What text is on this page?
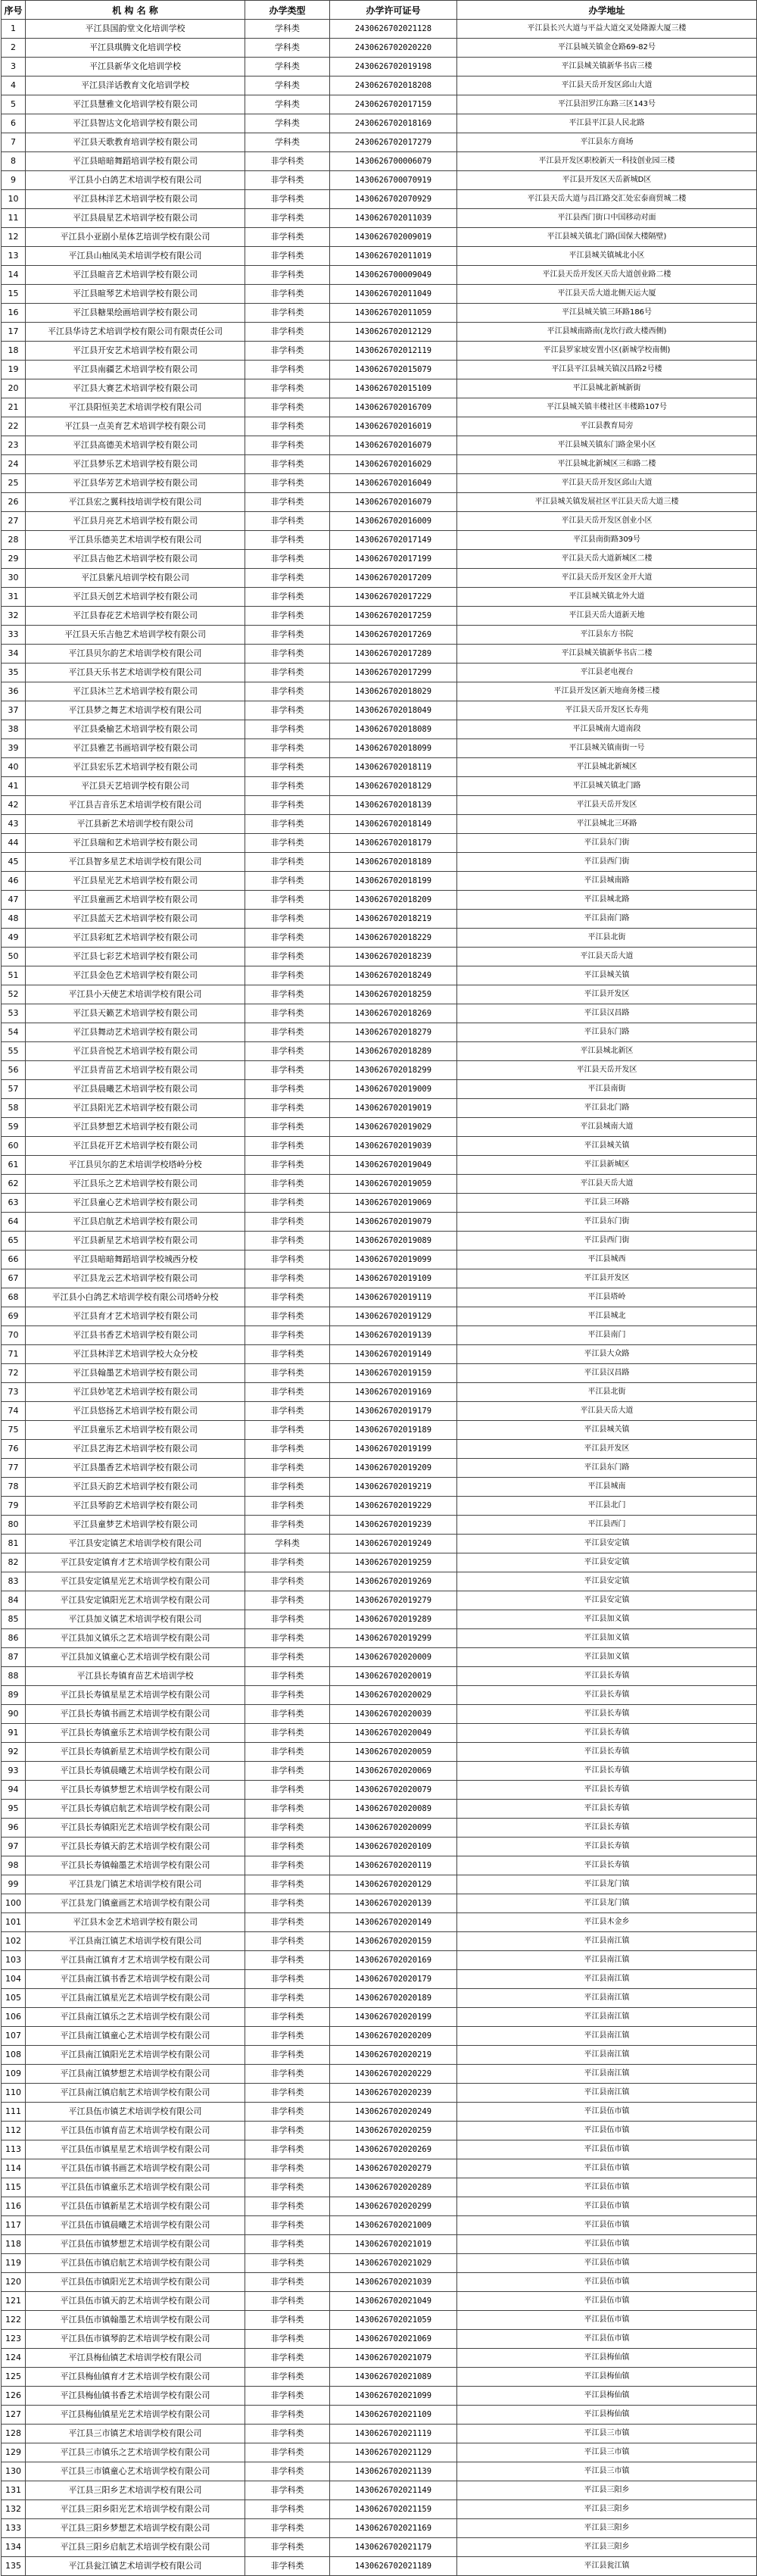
序号	机 构 名 称	办学类型	办学许可证号	办学地址
1	平江县国韵堂文化培训学校	学科类	2430626702021128	平江县长兴大道与平益大道交叉处隆源大厦三楼
2	平江县琪腾文化培训学校	学科类	2430626702020220	平江县城关镇金仓路69-82号
3	平江县新华文化培训学校	学科类	2430626702019198	平江县城关镇新华书店三楼
4	平江县洋话教育文化培训学校	学科类	2430626702018208	平江县天岳开发区邱山大道
5	平江县慧雅文化培训学校有限公司	学科类	2430626702017159	平江县汨罗江东路三区143号
6	平江县智达文化培训学校有限公司	学科类	2430626702018169	平江县平江县人民北路
7	平江县天歌教育培训学校有限公司	学科类	2430626702017279	平江县东方商场
8	平江县暗暗舞蹈培训学校有限公司	非学科类	1430626700006079	平江县开发区职校新天一科技创业园三楼
9	平江县小白鸽艺术培训学校有限公司	非学科类	1430626700070919	平江县开发区天岳新城D区
10	平江县林洋艺术培训学校有限公司	非学科类	1430626702070929	平江县天岳大道与昌江路交汇处宏泰商贸城二楼
11	平江县晨星艺术培训学校有限公司	非学科类	1430626702011039	平江县西门街口中国移动对面
12	平江县小亚剧小星体艺培训学校有限公司	非学科类	1430626702009019	平江县城关镇北门路(国保大楼隔壁)
13	平江县山柚凤美术培训学校有限公司	非学科类	1430626702011019	平江县城关镇城北小区
14	平江县暄音艺术培训学校有限公司	非学科类	1430626700009049	平江县天岳开发区天岳大道创业路二楼
15	平江县暄琴艺术培训学校有限公司	非学科类	1430626702011049	平江县天岳大道北侧天运大厦
16	平江县糖果绘画培训学校有限公司	非学科类	1430626702011059	平江县城关镇三环路186号
17	平江县华诗艺术培训学校有限公司有限责任公司	非学科类	1430626702012129	平江县城南路南(龙坎行政大楼西侧)
18	平江县开安艺术培训学校有限公司	非学科类	1430626702012119	平江县罗家坡安置小区(新城学校南侧)
19	平江县南疆艺术培训学校有限公司	非学科类	1430626702015079	平江县平江县城关镇汉昌路2号楼
20	平江县大赛艺术培训学校有限公司	非学科类	1430626702015109	平江县城北新城新街
21	平江县阳恒美艺术培训学校有限公司	非学科类	1430626702016709	平江县城关镇丰楼社区丰楼路107号
22	平江县一点美育艺术培训学校有限公司	非学科类	1430626702016019	平江县教育局旁
23	平江县高德美术培训学校有限公司	非学科类	1430626702016079	平江县城关镇东门路金果小区
24	平江县梦乐艺术培训学校有限公司	非学科类	1430626702016029	平江县城北新城区三和路二楼
25	平江县华芳艺术培训学校有限公司	非学科类	1430626702016049	平江县天岳开发区邱山大道
26	平江县宏之翼科技培训学校有限公司	非学科类	1430626702016079	平江县城关镇发展社区平江县天岳大道三楼
27	平江县月亮艺术培训学校有限公司	非学科类	1430626702016009	平江县天岳开发区创业小区
28	平江县乐德美艺术培训学校有限公司	非学科类	1430626702017149	平江县南街路309号
29	平江县吉他艺术培训学校有限公司	非学科类	1430626702017199	平江县天岳大道新城区二楼
30	平江县紫凡培训学校有限公司	非学科类	1430626702017209	平江县天岳开发区金开大道
31	平江县天创艺术培训学校有限公司	非学科类	1430626702017229	平江县城关镇北外大道
32	平江县春花艺术培训学校有限公司	非学科类	1430626702017259	平江县天岳大道新天地
33	平江县天乐吉他艺术培训学校有限公司	非学科类	1430626702017269	平江县东方书院
34	平江县贝尔韵艺术培训学校有限公司	非学科类	1430626702017289	平江县城关镇新华书店二楼
35	平江县天乐书艺术培训学校有限公司	非学科类	1430626702017299	平江县老电视台
36	平江县沐兰艺术培训学校有限公司	非学科类	1430626702018029	平江县开发区新天地商务楼三楼
37	平江县梦之舞艺术培训学校有限公司	非学科类	1430626702018049	平江县天岳开发区长寿苑
38	平江县桑榆艺术培训学校有限公司	非学科类	1430626702018089	平江县城南大道南段
39	平江县雅艺书画培训学校有限公司	非学科类	1430626702018099	平江县城关镇南街一号
40	平江县宏乐艺术培训学校有限公司	非学科类	1430626702018119	平江县城北新城区
41	平江县天艺培训学校有限公司	非学科类	1430626702018129	平江县城关镇北门路
42	平江县吉音乐艺术培训学校有限公司	非学科类	1430626702018139	平江县天岳开发区
43	平江县新艺术培训学校有限公司	非学科类	1430626702018149	平江县城北三环路
44	平江县瑞和艺术培训学校有限公司	非学科类	1430626702018179	平江县东门街
45	平江县智多星艺术培训学校有限公司	非学科类	1430626702018189	平江县西门街
46	平江县星光艺术培训学校有限公司	非学科类	1430626702018199	平江县城南路
47	平江县童画艺术培训学校有限公司	非学科类	1430626702018209	平江县城北路
48	平江县蓝天艺术培训学校有限公司	非学科类	1430626702018219	平江县南门路
49	平江县彩虹艺术培训学校有限公司	非学科类	1430626702018229	平江县北街
50	平江县七彩艺术培训学校有限公司	非学科类	1430626702018239	平江县天岳大道
51	平江县金色艺术培训学校有限公司	非学科类	1430626702018249	平江县城关镇
52	平江县小天使艺术培训学校有限公司	非学科类	1430626702018259	平江县开发区
53	平江县天籁艺术培训学校有限公司	非学科类	1430626702018269	平江县汉昌路
54	平江县舞动艺术培训学校有限公司	非学科类	1430626702018279	平江县东门路
55	平江县音悦艺术培训学校有限公司	非学科类	1430626702018289	平江县城北新区
56	平江县青苗艺术培训学校有限公司	非学科类	1430626702018299	平江县天岳开发区
57	平江县晨曦艺术培训学校有限公司	非学科类	1430626702019009	平江县南街
58	平江县阳光艺术培训学校有限公司	非学科类	1430626702019019	平江县北门路
59	平江县梦想艺术培训学校有限公司	非学科类	1430626702019029	平江县城南大道
60	平江县花开艺术培训学校有限公司	非学科类	1430626702019039	平江县城关镇
61	平江县贝尔韵艺术培训学校塔岭分校	非学科类	1430626702019049	平江县新城区
62	平江县乐之艺术培训学校有限公司	非学科类	1430626702019059	平江县天岳大道
63	平江县童心艺术培训学校有限公司	非学科类	1430626702019069	平江县三环路
64	平江县启航艺术培训学校有限公司	非学科类	1430626702019079	平江县东门街
65	平江县新星艺术培训学校有限公司	非学科类	1430626702019089	平江县西门街
66	平江县暗暗舞蹈培训学校城西分校	非学科类	1430626702019099	平江县城西
67	平江县龙云艺术培训学校有限公司	非学科类	1430626702019109	平江县开发区
68	平江县小白鸽艺术培训学校有限公司塔岭分校	非学科类	1430626702019119	平江县塔岭
69	平江县育才艺术培训学校有限公司	非学科类	1430626702019129	平江县城北
70	平江县书香艺术培训学校有限公司	非学科类	1430626702019139	平江县南门
71	平江县林洋艺术培训学校大众分校	非学科类	1430626702019149	平江县大众路
72	平江县翰墨艺术培训学校有限公司	非学科类	1430626702019159	平江县汉昌路
73	平江县妙笔艺术培训学校有限公司	非学科类	1430626702019169	平江县北街
74	平江县悠扬艺术培训学校有限公司	非学科类	1430626702019179	平江县天岳大道
75	平江县童乐艺术培训学校有限公司	非学科类	1430626702019189	平江县城关镇
76	平江县艺海艺术培训学校有限公司	非学科类	1430626702019199	平江县开发区
77	平江县墨香艺术培训学校有限公司	非学科类	1430626702019209	平江县东门路
78	平江县天韵艺术培训学校有限公司	非学科类	1430626702019219	平江县城南
79	平江县琴韵艺术培训学校有限公司	非学科类	1430626702019229	平江县北门
80	平江县童梦艺术培训学校有限公司	非学科类	1430626702019239	平江县西门
81	平江县安定镇艺术培训学校有限公司	学科类	1430626702019249	平江县安定镇
82	平江县安定镇育才艺术培训学校有限公司	非学科类	1430626702019259	平江县安定镇
83	平江县安定镇星光艺术培训学校有限公司	非学科类	1430626702019269	平江县安定镇
84	平江县安定镇阳光艺术培训学校有限公司	非学科类	1430626702019279	平江县安定镇
85	平江县加义镇艺术培训学校有限公司	非学科类	1430626702019289	平江县加义镇
86	平江县加义镇乐之艺术培训学校有限公司	非学科类	1430626702019299	平江县加义镇
87	平江县加义镇童心艺术培训学校有限公司	非学科类	1430626702020009	平江县加义镇
88	平江县长寿镇育苗艺术培训学校	非学科类	1430626702020019	平江县长寿镇
89	平江县长寿镇星星艺术培训学校有限公司	非学科类	1430626702020029	平江县长寿镇
90	平江县长寿镇书画艺术培训学校有限公司	非学科类	1430626702020039	平江县长寿镇
91	平江县长寿镇童乐艺术培训学校有限公司	非学科类	1430626702020049	平江县长寿镇
92	平江县长寿镇新星艺术培训学校有限公司	非学科类	1430626702020059	平江县长寿镇
93	平江县长寿镇晨曦艺术培训学校有限公司	非学科类	1430626702020069	平江县长寿镇
94	平江县长寿镇梦想艺术培训学校有限公司	非学科类	1430626702020079	平江县长寿镇
95	平江县长寿镇启航艺术培训学校有限公司	非学科类	1430626702020089	平江县长寿镇
96	平江县长寿镇阳光艺术培训学校有限公司	非学科类	1430626702020099	平江县长寿镇
97	平江县长寿镇天韵艺术培训学校有限公司	非学科类	1430626702020109	平江县长寿镇
98	平江县长寿镇翰墨艺术培训学校有限公司	非学科类	1430626702020119	平江县长寿镇
99	平江县龙门镇艺术培训学校有限公司	非学科类	1430626702020129	平江县龙门镇
100	平江县龙门镇童画艺术培训学校有限公司	非学科类	1430626702020139	平江县龙门镇
101	平江县木金艺术培训学校有限公司	非学科类	1430626702020149	平江县木金乡
102	平江县南江镇艺术培训学校有限公司	非学科类	1430626702020159	平江县南江镇
103	平江县南江镇育才艺术培训学校有限公司	非学科类	1430626702020169	平江县南江镇
104	平江县南江镇书香艺术培训学校有限公司	非学科类	1430626702020179	平江县南江镇
105	平江县南江镇星光艺术培训学校有限公司	非学科类	1430626702020189	平江县南江镇
106	平江县南江镇乐之艺术培训学校有限公司	非学科类	1430626702020199	平江县南江镇
107	平江县南江镇童心艺术培训学校有限公司	非学科类	1430626702020209	平江县南江镇
108	平江县南江镇阳光艺术培训学校有限公司	非学科类	1430626702020219	平江县南江镇
109	平江县南江镇梦想艺术培训学校有限公司	非学科类	1430626702020229	平江县南江镇
110	平江县南江镇启航艺术培训学校有限公司	非学科类	1430626702020239	平江县南江镇
111	平江县伍市镇艺术培训学校有限公司	非学科类	1430626702020249	平江县伍市镇
112	平江县伍市镇育苗艺术培训学校有限公司	非学科类	1430626702020259	平江县伍市镇
113	平江县伍市镇星星艺术培训学校有限公司	非学科类	1430626702020269	平江县伍市镇
114	平江县伍市镇书画艺术培训学校有限公司	非学科类	1430626702020279	平江县伍市镇
115	平江县伍市镇童乐艺术培训学校有限公司	非学科类	1430626702020289	平江县伍市镇
116	平江县伍市镇新星艺术培训学校有限公司	非学科类	1430626702020299	平江县伍市镇
117	平江县伍市镇晨曦艺术培训学校有限公司	非学科类	1430626702021009	平江县伍市镇
118	平江县伍市镇梦想艺术培训学校有限公司	非学科类	1430626702021019	平江县伍市镇
119	平江县伍市镇启航艺术培训学校有限公司	非学科类	1430626702021029	平江县伍市镇
120	平江县伍市镇阳光艺术培训学校有限公司	非学科类	1430626702021039	平江县伍市镇
121	平江县伍市镇天韵艺术培训学校有限公司	非学科类	1430626702021049	平江县伍市镇
122	平江县伍市镇翰墨艺术培训学校有限公司	非学科类	1430626702021059	平江县伍市镇
123	平江县伍市镇琴韵艺术培训学校有限公司	非学科类	1430626702021069	平江县伍市镇
124	平江县梅仙镇艺术培训学校有限公司	非学科类	1430626702021079	平江县梅仙镇
125	平江县梅仙镇育才艺术培训学校有限公司	非学科类	1430626702021089	平江县梅仙镇
126	平江县梅仙镇书香艺术培训学校有限公司	非学科类	1430626702021099	平江县梅仙镇
127	平江县梅仙镇星光艺术培训学校有限公司	非学科类	1430626702021109	平江县梅仙镇
128	平江县三市镇艺术培训学校有限公司	非学科类	1430626702021119	平江县三市镇
129	平江县三市镇乐之艺术培训学校有限公司	非学科类	1430626702021129	平江县三市镇
130	平江县三市镇童心艺术培训学校有限公司	非学科类	1430626702021139	平江县三市镇
131	平江县三阳乡艺术培训学校有限公司	非学科类	1430626702021149	平江县三阳乡
132	平江县三阳乡阳光艺术培训学校有限公司	非学科类	1430626702021159	平江县三阳乡
133	平江县三阳乡梦想艺术培训学校有限公司	非学科类	1430626702021169	平江县三阳乡
134	平江县三阳乡启航艺术培训学校有限公司	非学科类	1430626702021179	平江县三阳乡
135	平江县瓮江镇艺术培训学校有限公司	非学科类	1430626702021189	平江县瓮江镇
